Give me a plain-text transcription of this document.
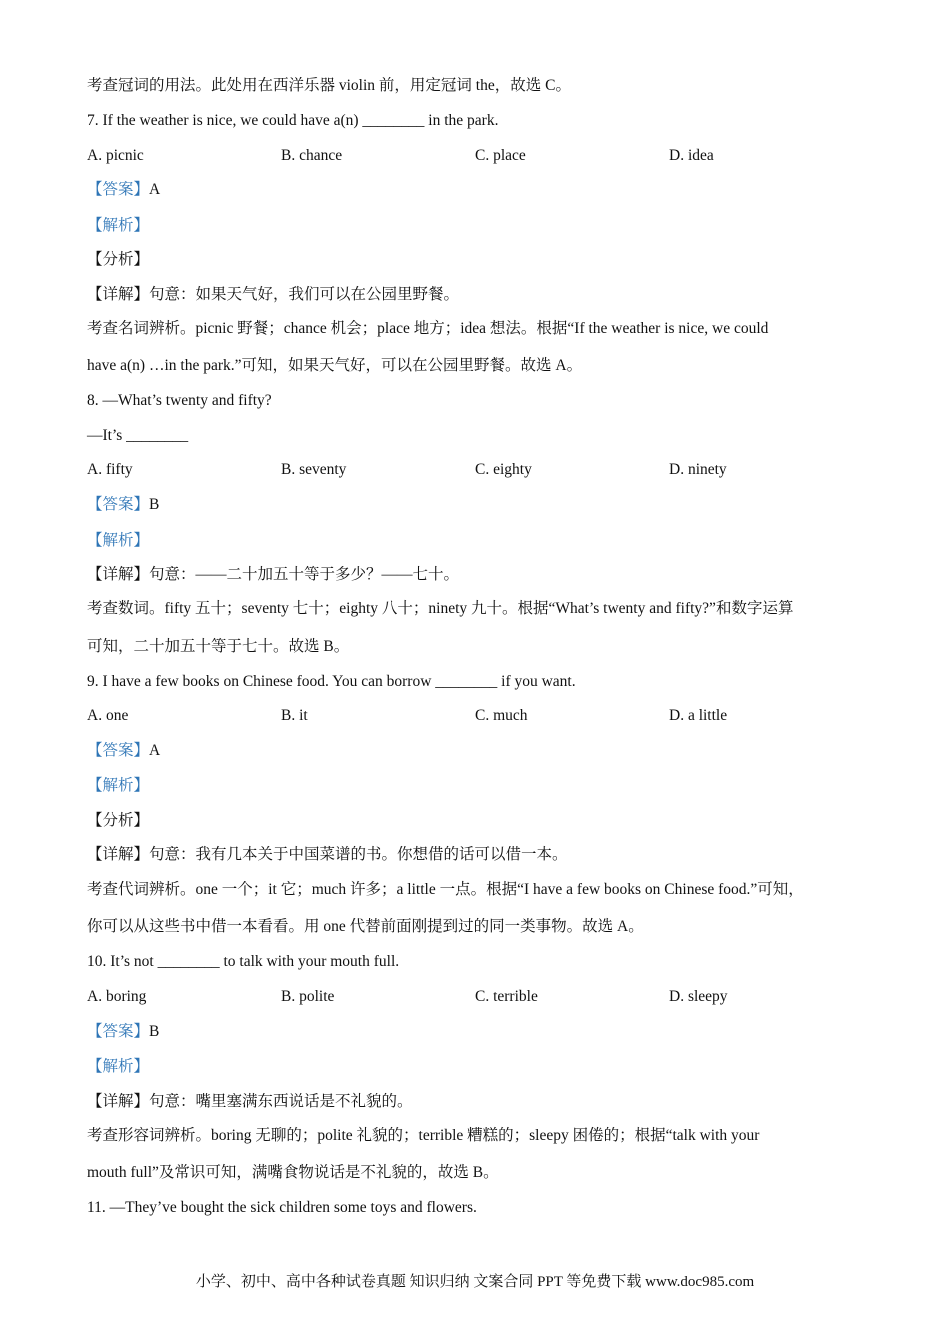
考查冠词的用法。此处用在西洋乐器 violin 前，用定冠词 the，故选 C。
7. If the weather is nice, we could have a(n) ________ in the park.
A. picnic	B. chance	C. place	D. idea
【答案】A
【解析】
【分析】
【详解】句意：如果天气好，我们可以在公园里野餐。
考查名词辨析。picnic 野餐；chance 机会；place 地方；idea 想法。根据“If the weather is nice, we could
have a(n) …in the park.”可知，如果天气好，可以在公园里野餐。故选 A。
8. —What’s twenty and fifty?
—It’s ________
A. fifty	B. seventy	C. eighty	D. ninety
【答案】B
【解析】
【详解】句意：——二十加五十等于多少？——七十。
考查数词。fifty 五十；seventy 七十；eighty 八十；ninety 九十。根据“What’s twenty and fifty?”和数字运算
可知，二十加五十等于七十。故选 B。
9. I have a few books on Chinese food. You can borrow ________ if you want.
A. one	B. it	C. much	D. a little
【答案】A
【解析】
【分析】
【详解】句意：我有几本关于中国菜谱的书。你想借的话可以借一本。
考查代词辨析。one 一个；it 它；much 许多；a little 一点。根据“I have a few books on Chinese food.”可知，
你可以从这些书中借一本看看。用 one 代替前面刚提到过的同一类事物。故选 A。
10. It’s not ________ to talk with your mouth full.
A. boring	B. polite	C. terrible	D. sleepy
【答案】B
【解析】
【详解】句意：嘴里塞满东西说话是不礼貌的。
考查形容词辨析。boring 无聊的；polite 礼貌的；terrible 糟糕的；sleepy 困倦的；根据“talk with your
mouth full”及常识可知，满嘴食物说话是不礼貌的，故选 B。
11. —They’ve bought the sick children some toys and flowers.
小学、初中、高中各种试卷真题 知识归纳 文案合同 PPT 等免费下载 www.doc985.com
